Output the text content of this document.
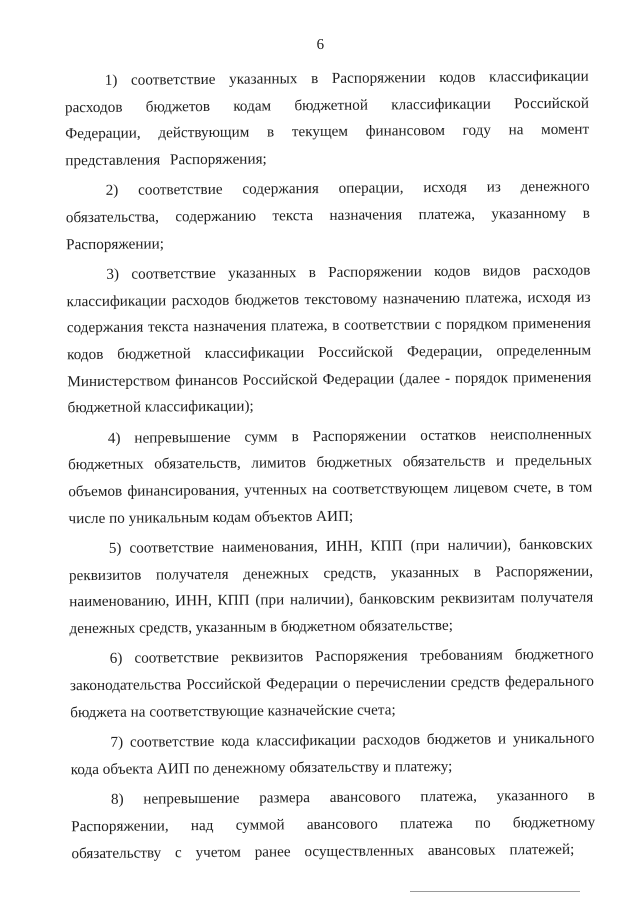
6

1) соответствие указанных в Распоряжении кодов классификации расходов бюджетов кодам бюджетной классификации Российской Федерации, действующим в текущем финансовом году на момент представления Распоряжения;

2) соответствие содержания операции, исходя из денежного обязательства, содержанию текста назначения платежа, указанному в Распоряжении;

3) соответствие указанных в Распоряжении кодов видов расходов классификации расходов бюджетов текстовому назначению платежа, исходя из содержания текста назначения платежа, в соответствии с порядком применения кодов бюджетной классификации Российской Федерации, определенным Министерством финансов Российской Федерации (далее - порядок применения бюджетной классификации);

4) непревышение сумм в Распоряжении остатков неисполненных бюджетных обязательств, лимитов бюджетных обязательств и предельных объемов финансирования, учтенных на соответствующем лицевом счете, в том числе по уникальным кодам объектов АИП;

5) соответствие наименования, ИНН, КПП (при наличии), банковских реквизитов получателя денежных средств, указанных в Распоряжении, наименованию, ИНН, КПП (при наличии), банковским реквизитам получателя денежных средств, указанным в бюджетном обязательстве;

6) соответствие реквизитов Распоряжения требованиям бюджетного законодательства Российской Федерации о перечислении средств федерального бюджета на соответствующие казначейские счета;

7) соответствие кода классификации расходов бюджетов и уникального кода объекта АИП по денежному обязательству и платежу;

8) непревышение размера авансового платежа, указанного в Распоряжении, над суммой авансового платежа по бюджетному обязательству с учетом ранее осуществленных авансовых платежей;
